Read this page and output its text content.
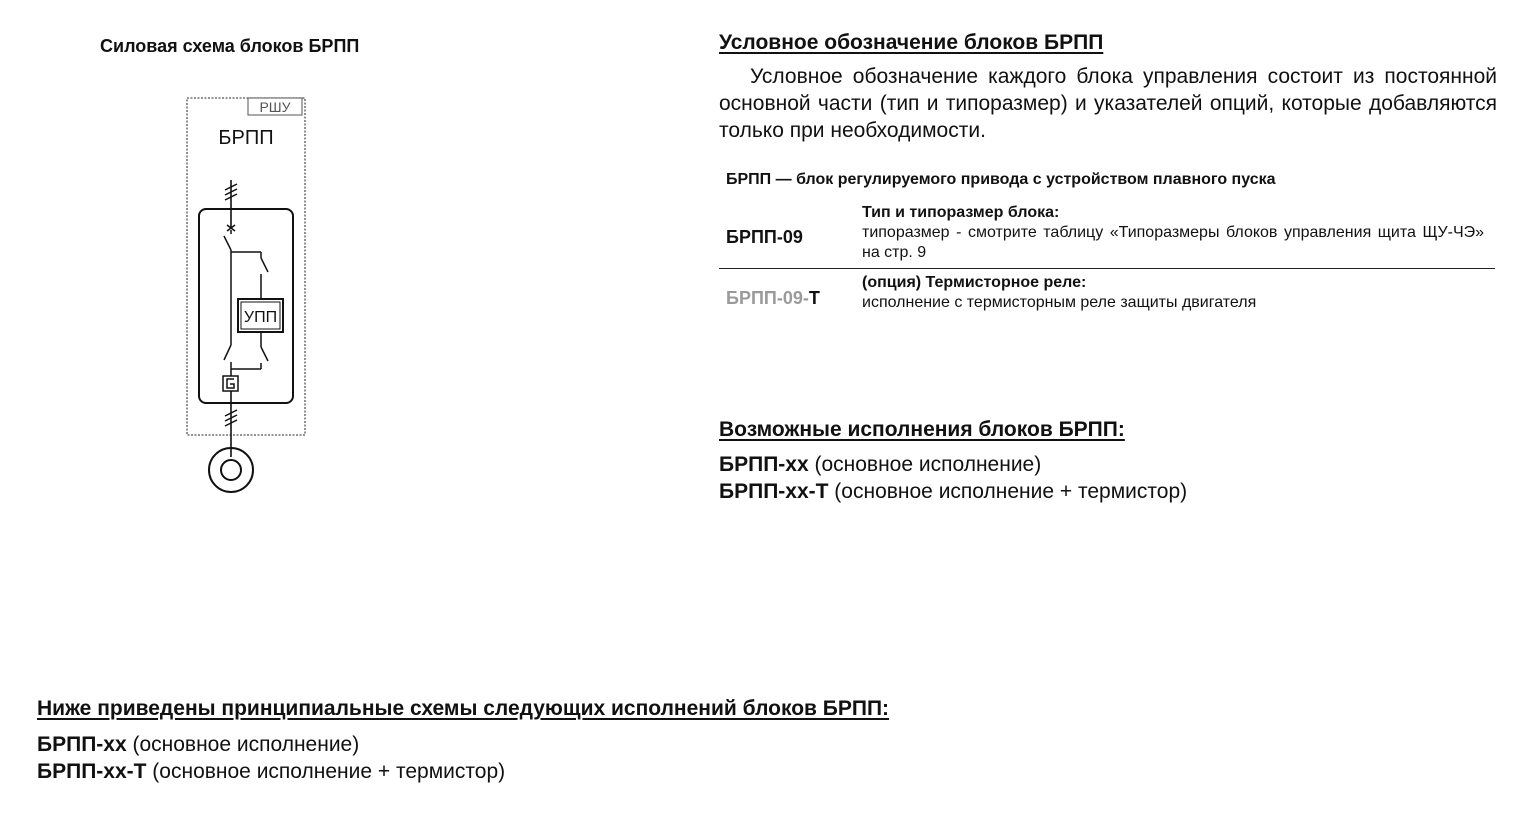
Силовая схема блоков БРПП
РШУ
БРПП
УПП
Условное обозначение блоков БРПП
Условное обозначение каждого блока управления состоит из постоянной основной части (тип и типоразмер) и указателей опций, которые добавляются только при необходимости.
БРПП — блок регулируемого привода с устройством плавного пуска
БРПП-09
Тип и типоразмер блока:
типоразмер - смотрите таблицу «Типоразмеры блоков управления щита ЩУ-ЧЭ» на стр. 9
БРПП-09-Т
(опция) Термисторное реле:
исполнение с термисторным реле защиты двигателя
Возможные исполнения блоков БРПП:
БРПП-хх (основное исполнение)
БРПП-хх-Т (основное исполнение + термистор)
Ниже приведены принципиальные схемы следующих исполнений блоков БРПП:
БРПП-хх (основное исполнение)
БРПП-хх-Т (основное исполнение + термистор)
